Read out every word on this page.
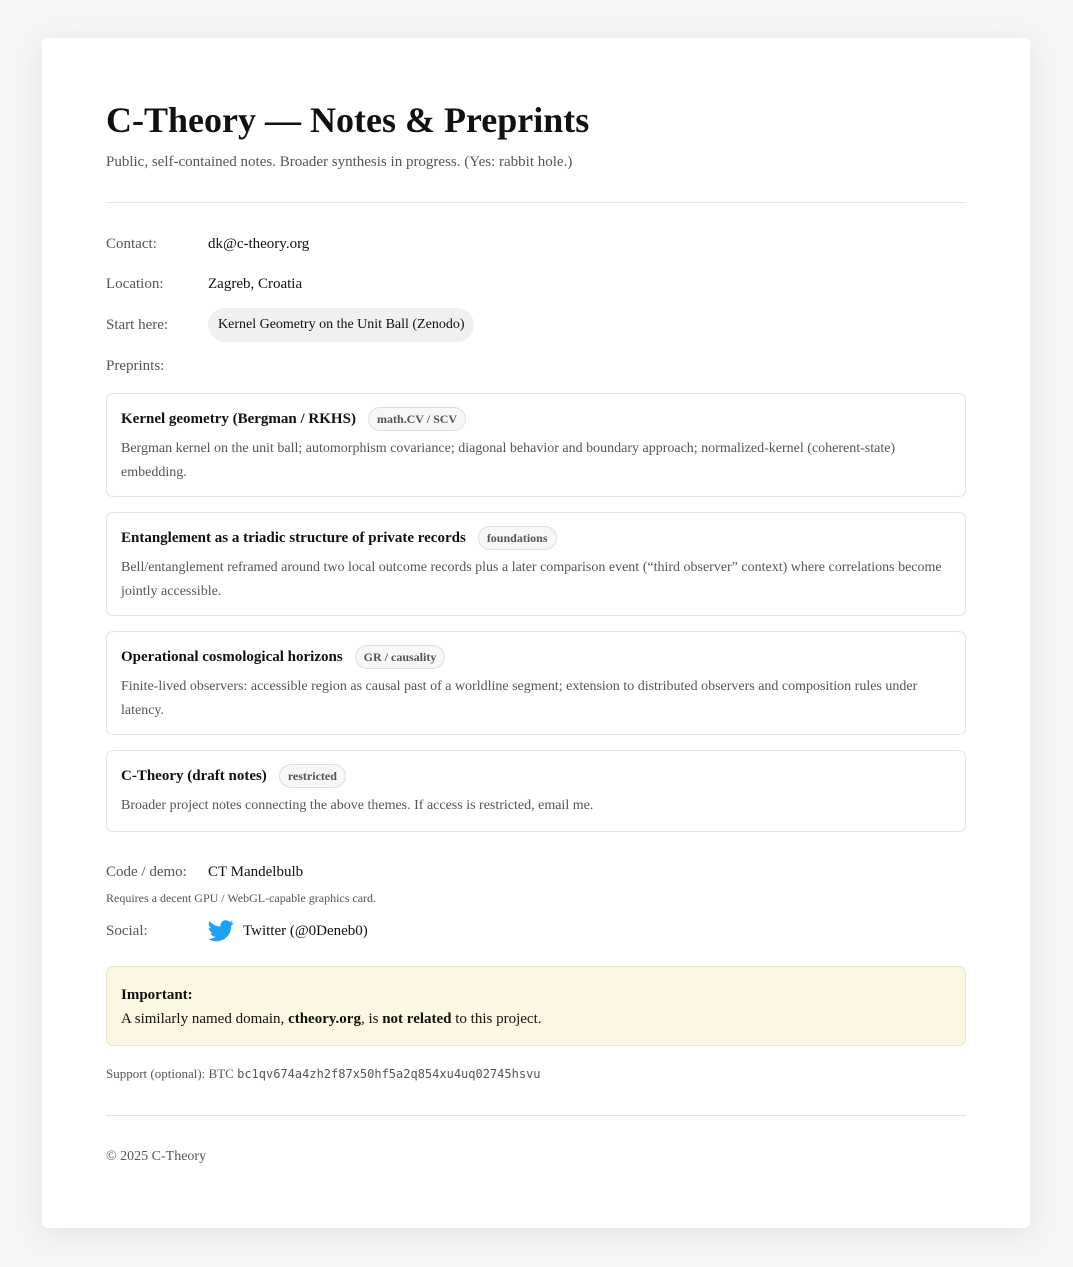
C-Theory — Notes & Preprints
Public, self-contained notes. Broader synthesis in progress. (Yes: rabbit hole.)
Contact:	dk@c-theory.org
Location:	Zagreb, Croatia
Start here:	Kernel Geometry on the Unit Ball (Zenodo)
Preprints:
Kernel geometry (Bergman / RKHS)	math.CV / SCV
Bergman kernel on the unit ball; automorphism covariance; diagonal behavior and boundary approach; normalized-kernel (coherent-state) embedding.
Entanglement as a triadic structure of private records	foundations
Bell/entanglement reframed around two local outcome records plus a later comparison event (“third observer” context) where correlations become jointly accessible.
Operational cosmological horizons	GR / causality
Finite-lived observers: accessible region as causal past of a worldline segment; extension to distributed observers and composition rules under latency.
C-Theory (draft notes)	restricted
Broader project notes connecting the above themes. If access is restricted, email me.
Code / demo:	CT Mandelbulb
Requires a decent GPU / WebGL-capable graphics card.
Social:	Twitter (@0Deneb0)
Important:
A similarly named domain, ctheory.org, is not related to this project.
Support (optional): BTC bc1qv674a4zh2f87x50hf5a2q854xu4uq02745hsvu
© 2025 C-Theory
